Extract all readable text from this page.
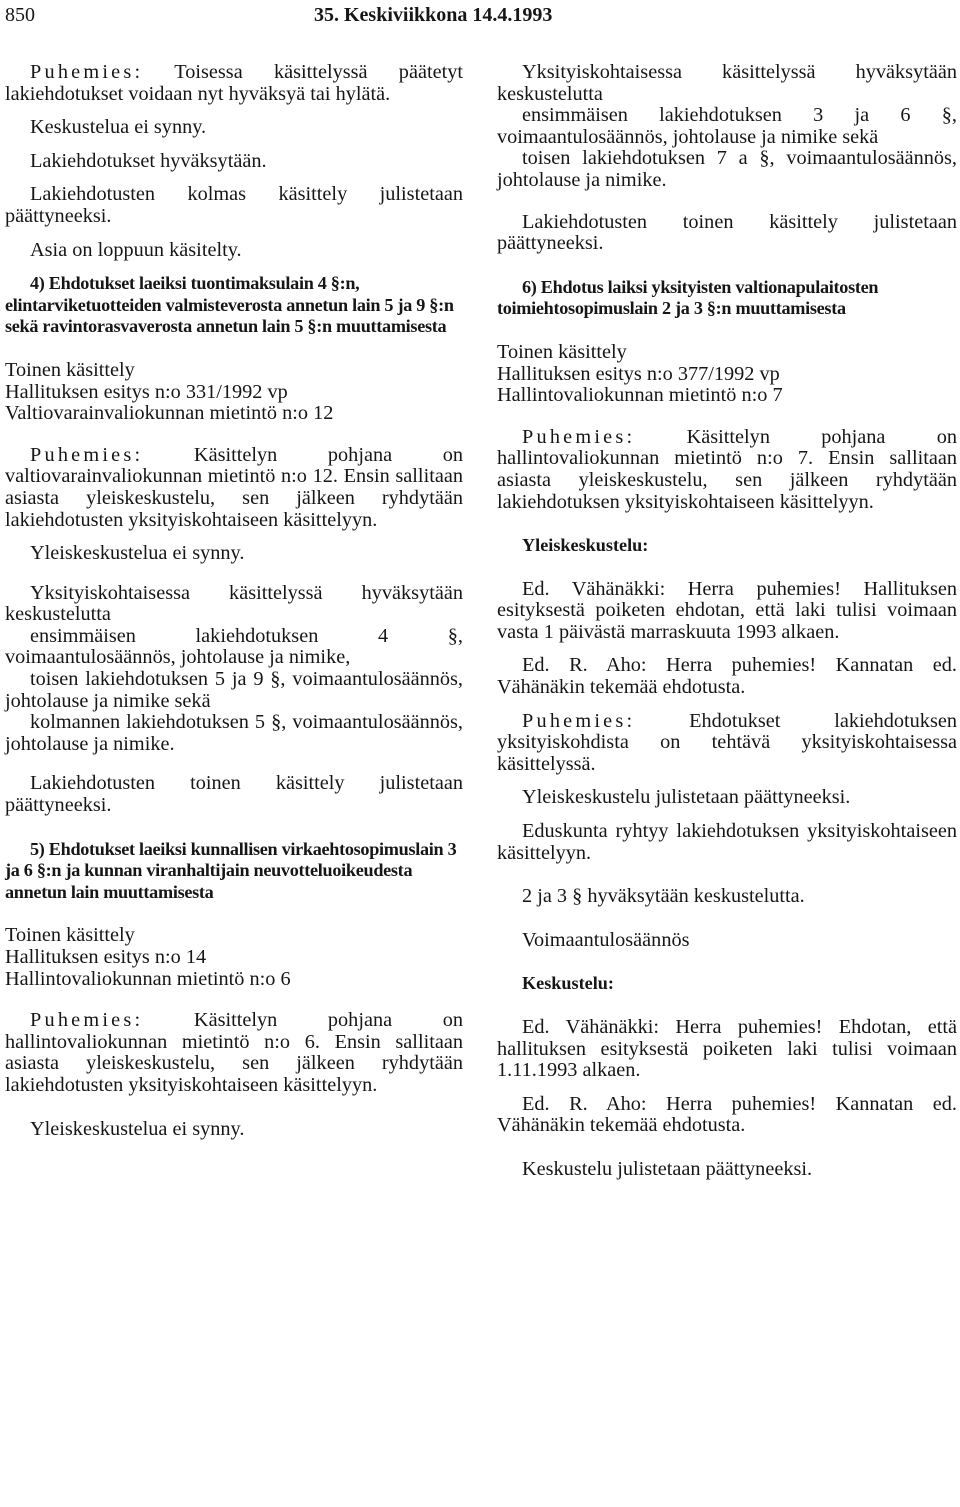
850	35. Keskiviikkona 14.4.1993

Puhemies: Toisessa käsittelyssä päätetyt lakiehdotukset voidaan nyt hyväksyä tai hylätä.

Keskustelua ei synny.

Lakiehdotukset hyväksytään.

Lakiehdotusten kolmas käsittely julistetaan päättyneeksi.

Asia on loppuun käsitelty.

4) Ehdotukset laeiksi tuontimaksulain 4 §:n, elintarviketuotteiden valmisteverosta annetun lain 5 ja 9 §:n sekä ravintorasvaverosta annetun lain 5 §:n muuttamisesta

Toinen käsittely
Hallituksen esitys n:o 331/1992 vp
Valtiovarainvaliokunnan mietintö n:o 12

Puhemies: Käsittelyn pohjana on valtiovarainvaliokunnan mietintö n:o 12. Ensin sallitaan asiasta yleiskeskustelu, sen jälkeen ryhdytään lakiehdotusten yksityiskohtaiseen käsittelyyn.

Yleiskeskustelua ei synny.

Yksityiskohtaisessa käsittelyssä hyväksytään keskustelutta
ensimmäisen lakiehdotuksen 4 §, voimaantulosäännös, johtolause ja nimike,
toisen lakiehdotuksen 5 ja 9 §, voimaantulosäännös, johtolause ja nimike sekä
kolmannen lakiehdotuksen 5 §, voimaantulosäännös, johtolause ja nimike.

Lakiehdotusten toinen käsittely julistetaan päättyneeksi.

5) Ehdotukset laeiksi kunnallisen virkaehtosopimuslain 3 ja 6 §:n ja kunnan viranhaltijain neuvotteluoikeudesta annetun lain muuttamisesta

Toinen käsittely
Hallituksen esitys n:o 14
Hallintovaliokunnan mietintö n:o 6

Puhemies: Käsittelyn pohjana on hallintovaliokunnan mietintö n:o 6. Ensin sallitaan asiasta yleiskeskustelu, sen jälkeen ryhdytään lakiehdotusten yksityiskohtaiseen käsittelyyn.

Yleiskeskustelua ei synny.

Yksityiskohtaisessa käsittelyssä hyväksytään keskustelutta
ensimmäisen lakiehdotuksen 3 ja 6 §, voimaantulosäännös, johtolause ja nimike sekä
toisen lakiehdotuksen 7 a §, voimaantulosäännös, johtolause ja nimike.

Lakiehdotusten toinen käsittely julistetaan päättyneeksi.

6) Ehdotus laiksi yksityisten valtionapulaitosten toimiehtosopimuslain 2 ja 3 §:n muuttamisesta

Toinen käsittely
Hallituksen esitys n:o 377/1992 vp
Hallintovaliokunnan mietintö n:o 7

Puhemies:	Käsittelyn pohjana on hallintovaliokunnan mietintö n:o 7. Ensin sallitaan asiasta yleiskeskustelu, sen jälkeen ryhdytään lakiehdotuksen yksityiskohtaiseen käsittelyyn.

Yleiskeskustelu:

Ed. Vähänäkki: Herra puhemies! Hallituksen esityksestä poiketen ehdotan, että laki tulisi voimaan vasta 1 päivästä marraskuuta 1993 alkaen.

Ed. R. Aho: Herra puhemies! Kannatan ed. Vähänäkin tekemää ehdotusta.

Puhemies:	Ehdotukset lakiehdotuksen yksityiskohdista on tehtävä yksityiskohtaisessa käsittelyssä.

Yleiskeskustelu julistetaan päättyneeksi.

Eduskunta ryhtyy lakiehdotuksen yksityiskohtaiseen käsittelyyn.

2 ja 3 § hyväksytään keskustelutta.

Voimaantulosäännös

Keskustelu:

Ed. Vähänäkki: Herra puhemies! Ehdotan, että hallituksen esityksestä poiketen laki tulisi voimaan 1.11.1993 alkaen.

Ed. R. Aho: Herra puhemies! Kannatan ed. Vähänäkin tekemää ehdotusta.

Keskustelu julistetaan päättyneeksi.
